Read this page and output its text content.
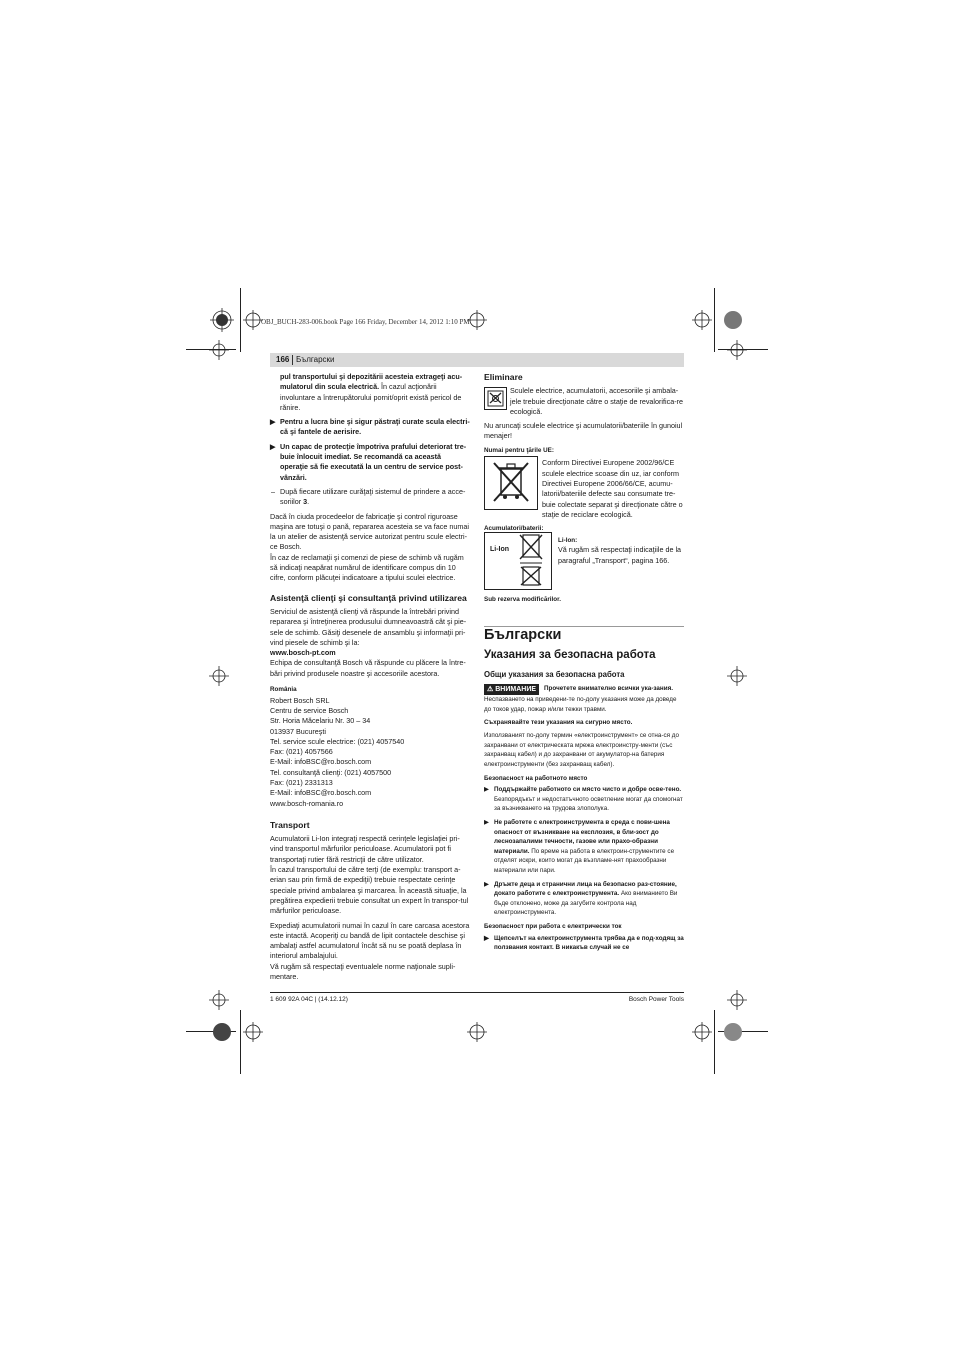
OBJ_BUCH-283-006.book Page 166 Friday, December 14, 2012 1:10 PM
166 Български

pul transportului şi depozitării acesteia extrageţi acu-mulatorul din scula electrică. În cazul acţionării involuntare a întrerupătorului pornit/oprit există pericol de rănire.

▶ Pentru a lucra bine şi sigur păstraţi curate scula electri-că şi fantele de aerisire.

▶ Un capac de protecţie împotriva prafului deteriorat tre-buie înlocuit imediat. Se recomandă ca această operaţie să fie executată la un centru de service post-vânzări.

– După fiecare utilizare curăţaţi sistemul de prindere a acce-soriilor 3.

Dacă în ciuda procedeelor de fabricaţie şi control riguroase maşina are totuşi o pană, repararea acesteia se va face numai la un atelier de asistenţă service autorizat pentru scule electri-ce Bosch.

În caz de reclamaţii şi comenzi de piese de schimb vă rugăm să indicaţi neapărat numărul de identificare compus din 10 cifre, conform plăcuţei indicatoare a tipului sculei electrice.

Asistenţă clienţi şi consultanţă privind utilizarea

Serviciul de asistenţă clienţi vă răspunde la întrebări privind repararea şi întreţinerea produsului dumneavoastră cât şi pie-sele de schimb. Găsiţi desenele de ansamblu şi informaţii pri-vind piesele de schimb şi la:

www.bosch-pt.com

Echipa de consultanţă Bosch vă răspunde cu plăcere la între-bări privind produsele noastre şi accesoriile acestora.

România

Robert Bosch SRL
Centru de service Bosch
Str. Horia Măcelariu Nr. 30 – 34
013937 Bucureşti
Tel. service scule electrice: (021) 4057540
Fax: (021) 4057566
E-Mail: infoBSC@ro.bosch.com
Tel. consultanţă clienţi: (021) 4057500
Fax: (021) 2331313
E-Mail: infoBSC@ro.bosch.com
www.bosch-romania.ro
Transport

Acumulatorii Li-Ion integraţi respectă cerinţele legislaţiei pri-vind transportul mărfurilor periculoase. Acumulatorii pot fi transportaţi rutier fără restricţii de către utilizator.

În cazul transportului de către terţi (de exemplu: transport a-erian sau prin firmă de expediţii) trebuie respectate cerinţe speciale privind ambalarea şi marcarea. În această situaţie, la pregătirea expedierii trebuie consultat un expert în transpor-tul mărfurilor periculoase.

Expediaţi acumulatorii numai în cazul în care carcasa acestora este intactă. Acoperiţi cu bandă de lipit contactele deschise şi ambalaţi astfel acumulatorul încât să nu se poată deplasa în interiorul ambalajului.

Vă rugăm să respectaţi eventualele norme naţionale supli-mentare.

Eliminare

Sculele electrice, acumulatorii, accesoriile şi ambala-jele trebuie direcţionate către o staţie de revalorifica-re ecologică.

Nu aruncaţi sculele electrice şi acumulatorii/bateriile în gunoiul menajer!

Numai pentru ţările UE:

Conform Directivei Europene 2002/96/CE sculele electrice scoase din uz, iar conform Directivei Europene 2006/66/CE, acumu-latorii/bateriile defecte sau consumate tre-buie colectate separat şi direcţionate către o staţie de reciclare ecologică.

Acumulatori/baterii:

Li-Ion:
Vă rugăm să respectaţi indicaţiile de la paragraful „Transport“, pagina 166.

Sub rezerva modificărilor.

Li-Ion
Български
Указания за безопасна работа
Общи указания за безопасна работа

⚠ ВНИМАНИЕ Прочетете внимателно всички ука-зания. Неспазването на приведени-те по-долу указания може да доведе до токов удар, пожар и/или тежки травми.

Съхранявайте тези указания на сигурно място.

Използваният по-долу термин «електроинструмент» се отна-ся до захранвани от електрическата мрежа електроинстру-менти (със захранващ кабел) и до захранвани от акумулатор-на батерия електроинструменти (без захранващ кабел).

Безопасност на работното място

▶ Поддържайте работното си място чисто и добре осве-тено. Безпорядъкът и недостатъчното осветление могат да спомогнат за възникването на трудова злополука.

▶ Не работете с електроинструмента в среда с пови-шена опасност от възникване на експлозия, в бли-зост до леснозапалими течности, газове или прахо-образни материали. По време на работа в електроин-струментите се отделят искри, които могат да възпламе-нят прахообразни материали или пари.

▶ Дръжте деца и странични лица на безопасно раз-стояние, докато работите с електроинструмента. Ако вниманието Ви бъде отклонено, може да загубите контрола над електроинструмента.

Безопасност при работа с електрически ток

▶ Щепселът на електроинструмента трябва да е под-ходящ за ползвания контакт. В никакъв случай не се

1 609 92A 04C | (14.12.12)	Bosch Power Tools
